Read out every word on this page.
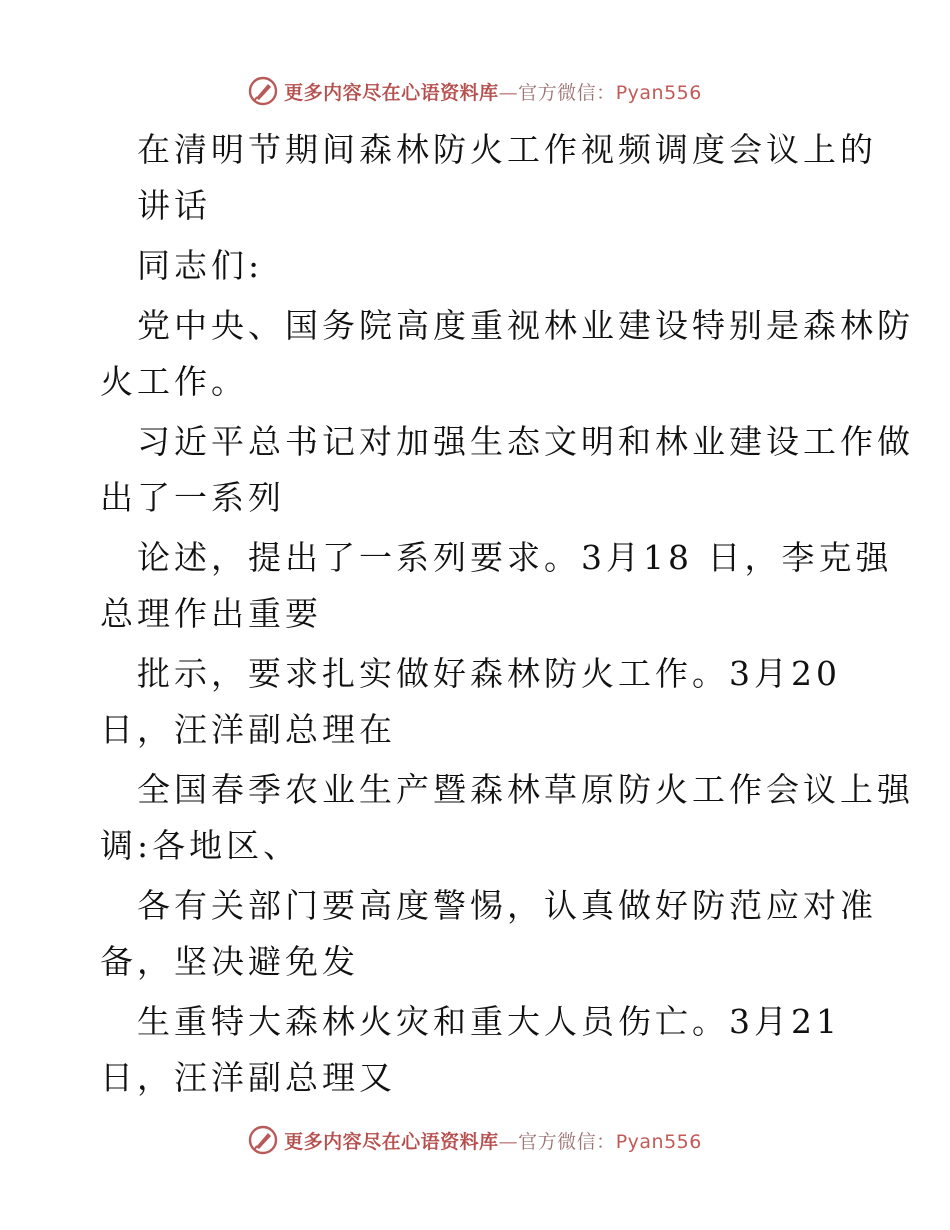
更多内容尽在心语资料库—官方微信：Pyan556
在清明节期间森林防火工作视频调度会议上的
讲话
同志们:
党中央、国务院高度重视林业建设特别是森林防
火工作。
习近平总书记对加强生态文明和林业建设工作做
出了一系列
论述，提出了一系列要求。3月18 日，李克强
总理作出重要
批示，要求扎实做好森林防火工作。3月20
日，汪洋副总理在
全国春季农业生产暨森林草原防火工作会议上强
调:各地区、
各有关部门要高度警惕，认真做好防范应对准
备，坚决避免发
生重特大森林火灾和重大人员伤亡。3月21
日，汪洋副总理又
更多内容尽在心语资料库—官方微信：Pyan556
